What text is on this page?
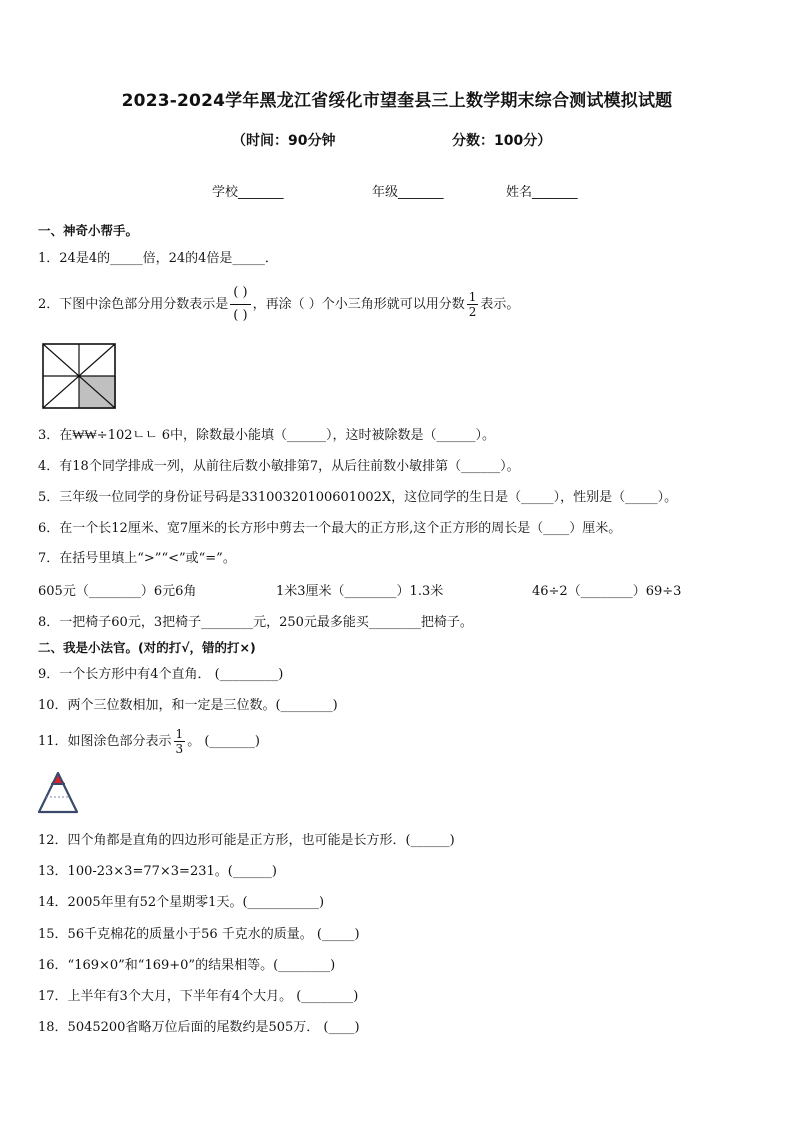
2023-2024学年黑龙江省绥化市望奎县三上数学期末综合测试模拟试题
（时间：90分钟	分数：100分）
学校_______	年级_______	姓名_______
一、神奇小帮手。
1．24是4的_____倍，24的4倍是_____．
2．下图中涂色部分用分数表示是 $\frac{( )}{( )}$ ，再涂（ ）个小三角形就可以用分数 $\frac{1}{2}$ 表示。
3．在₩₩÷102ㄴㄴ 6中，除数最小能填（______），这时被除数是（______）。
4．有18个同学排成一列，从前往后数小敏排第7，从后往前数小敏排第（______）。
5．三年级一位同学的身份证号码是33100320100601002X，这位同学的生日是（_____），性别是（_____）。
6．在一个长12厘米、宽7厘米的长方形中剪去一个最大的正方形,这个正方形的周长是（____）厘米。
7．在括号里填上“>”“<”或“=”。
605元（________）6元6角	1米3厘米（________）1.3米	46÷2（________）69÷3
8．一把椅子60元，3把椅子________元，250元最多能买________把椅子。
二、我是小法官。(对的打√，错的打×)
9．一个长方形中有4个直角． (_________)
10．两个三位数相加，和一定是三位数。(________)
11．如图涂色部分表示 $\frac{1}{3}$ 。 (_______)
12．四个角都是直角的四边形可能是正方形，也可能是长方形．(______)
13．100-23×3=77×3=231。(______)
14．2005年里有52个星期零1天。(___________)
15．56千克棉花的质量小于56 千克水的质量。 (_____)
16．“169×0”和“169+0”的结果相等。(________)
17．上半年有3个大月，下半年有4个大月。 (________)
18．5045200省略万位后面的尾数约是505万． (____)
